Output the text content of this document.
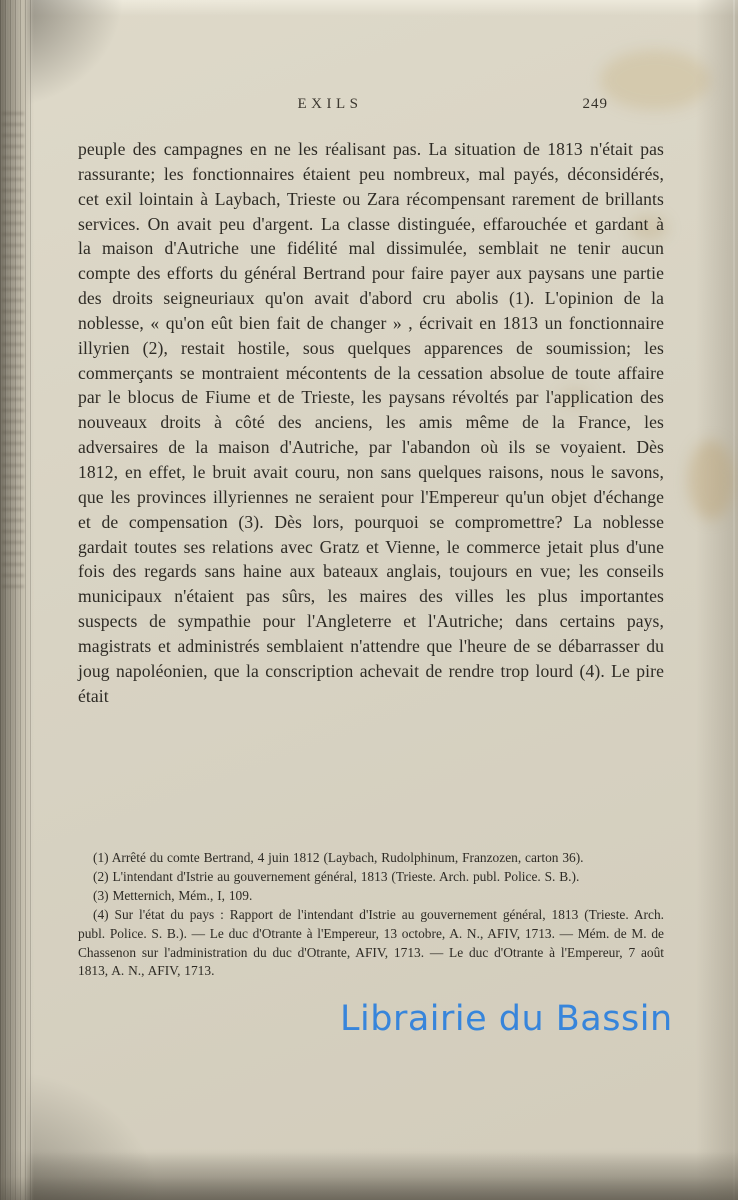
EXILS	249
peuple des campagnes en ne les réalisant pas. La situation de 1813 n'était pas rassurante; les fonctionnaires étaient peu nombreux, mal payés, déconsidérés, cet exil lointain à Laybach, Trieste ou Zara récompensant rarement de brillants services. On avait peu d'argent. La classe distinguée, effarouchée et gardant à la maison d'Autriche une fidélité mal dissimulée, semblait ne tenir aucun compte des efforts du général Bertrand pour faire payer aux paysans une partie des droits seigneuriaux qu'on avait d'abord cru abolis (1). L'opinion de la noblesse, « qu'on eût bien fait de changer » , écrivait en 1813 un fonctionnaire illyrien (2), restait hostile, sous quelques apparences de soumission; les commerçants se montraient mécontents de la cessation absolue de toute affaire par le blocus de Fiume et de Trieste, les paysans révoltés par l'application des nouveaux droits à côté des anciens, les amis même de la France, les adversaires de la maison d'Autriche, par l'abandon où ils se voyaient. Dès 1812, en effet, le bruit avait couru, non sans quelques raisons, nous le savons, que les provinces illyriennes ne seraient pour l'Empereur qu'un objet d'échange et de compensation (3). Dès lors, pourquoi se compromettre? La noblesse gardait toutes ses relations avec Gratz et Vienne, le commerce jetait plus d'une fois des regards sans haine aux bateaux anglais, toujours en vue; les conseils municipaux n'étaient pas sûrs, les maires des villes les plus importantes suspects de sympathie pour l'Angleterre et l'Autriche; dans certains pays, magistrats et administrés semblaient n'attendre que l'heure de se débarrasser du joug napoléonien, que la conscription achevait de rendre trop lourd (4). Le pire était

(1) Arrêté du comte Bertrand, 4 juin 1812 (Laybach, Rudolphinum, Franzozen, carton 36).

(2) L'intendant d'Istrie au gouvernement général, 1813 (Trieste. Arch. publ. Police. S. B.).

(3) Metternich, Mém., I, 109.

(4) Sur l'état du pays : Rapport de l'intendant d'Istrie au gouvernement général, 1813 (Trieste. Arch. publ. Police. S. B.). — Le duc d'Otrante à l'Empereur, 13 octobre, A. N., AFIV, 1713. — Mém. de M. de Chassenon sur l'administration du duc d'Otrante, AFIV, 1713. — Le duc d'Otrante à l'Empereur, 7 août 1813, A. N., AFIV, 1713.

Librairie du Bassin
